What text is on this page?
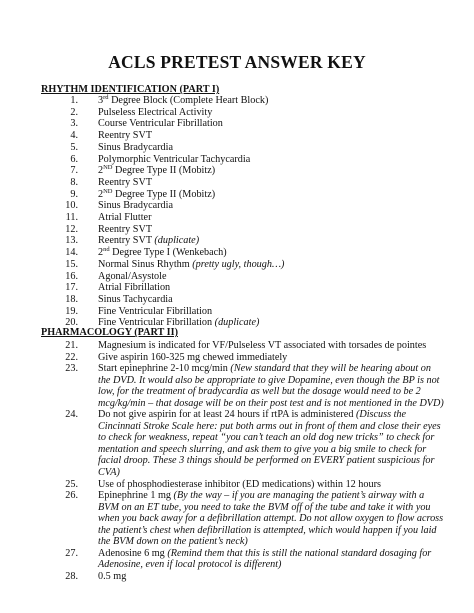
ACLS PRETEST ANSWER KEY
RHYTHM IDENTIFICATION (PART I)
1. 3rd Degree Block (Complete Heart Block)
2. Pulseless Electrical Activity
3. Course Ventricular Fibrillation
4. Reentry SVT
5. Sinus Bradycardia
6. Polymorphic Ventricular Tachycardia
7. 2ND Degree Type II (Mobitz)
8. Reentry SVT
9. 2ND Degree Type II (Mobitz)
10. Sinus Bradycardia
11. Atrial Flutter
12. Reentry SVT
13. Reentry SVT (duplicate)
14. 2nd Degree Type I (Wenkebach)
15. Normal Sinus Rhythm (pretty ugly, though…)
16. Agonal/Asystole
17. Atrial Fibrillation
18. Sinus Tachycardia
19. Fine Ventricular Fibrillation
20. Fine Ventricular Fibrillation (duplicate)
PHARMACOLOGY (PART II)
21. Magnesium is indicated for VF/Pulseless VT associated with torsades de pointes
22. Give aspirin 160-325 mg chewed immediately
23. Start epinephrine 2-10 mcg/min (New standard that they will be hearing about on the DVD. It would also be appropriate to give Dopamine, even though the BP is not low, for the treatment of bradycardia as well but the dosage would need to be 2 mcg/kg/min – that dosage will be on their post test and is not mentioned in the DVD)
24. Do not give aspirin for at least 24 hours if rtPA is administered (Discuss the Cincinnati Stroke Scale here: put both arms out in front of them and close their eyes to check for weakness, repeat “you can’t teach an old dog new tricks” to check for mentation and speech slurring, and ask them to give you a big smile to check for facial droop. These 3 things should be performed on EVERY patient suspicious for CVA)
25. Use of phosphodiesterase inhibitor (ED medications) within 12 hours
26. Epinephrine 1 mg (By the way – if you are managing the patient’s airway with a BVM on an ET tube, you need to take the BVM off of the tube and take it with you when you back away for a defibrillation attempt. Do not allow oxygen to flow across the patient’s chest when defibrillation is attempted, which would happen if you laid the BVM down on the patient’s neck)
27. Adenosine 6 mg (Remind them that this is still the national standard dosaging for Adenosine, even if local protocol is different)
28. 0.5 mg
